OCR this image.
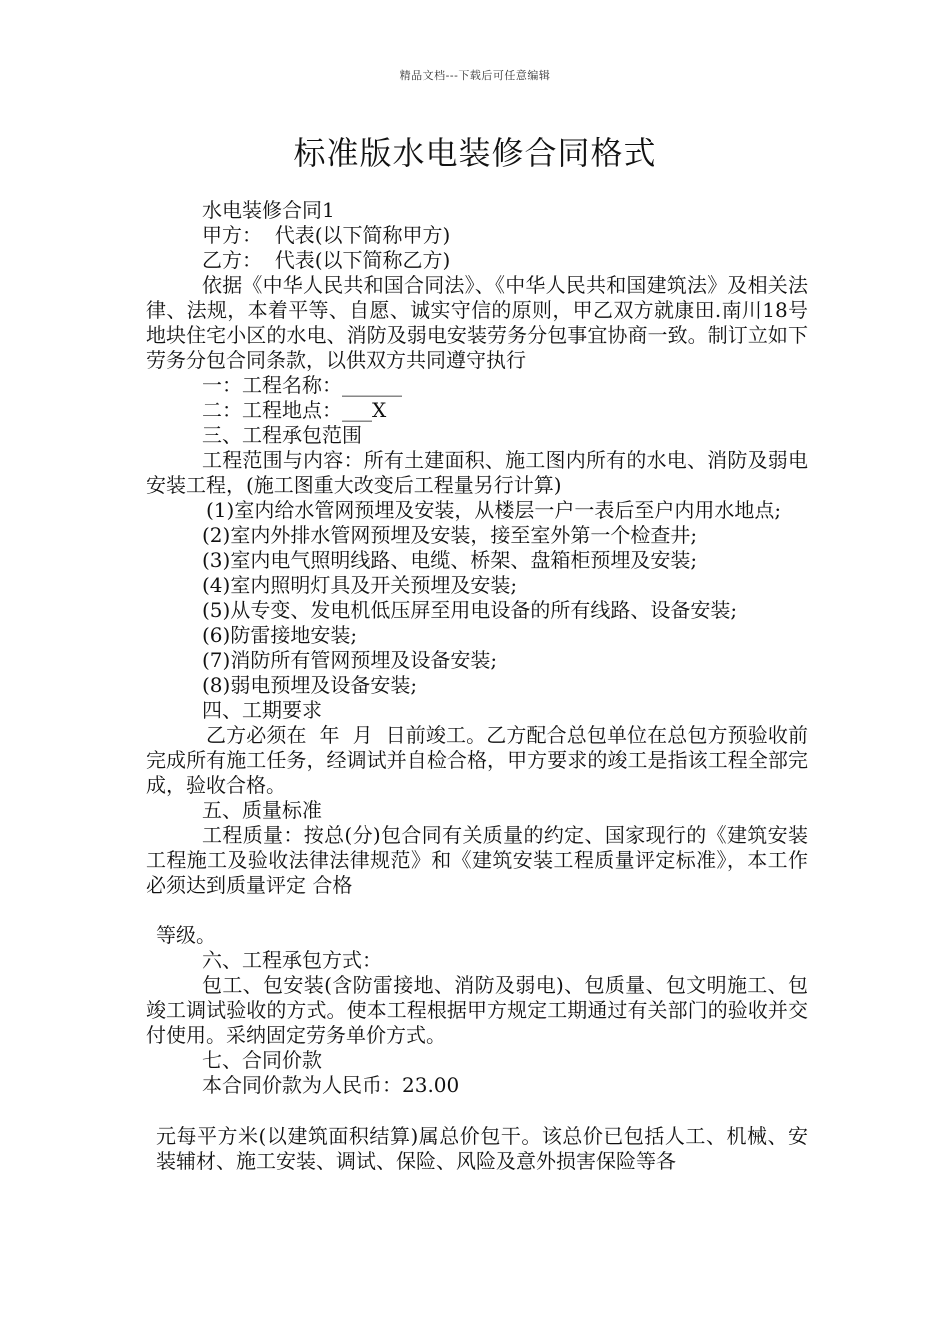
精品文档---下载后可任意编辑
标准版水电装修合同格式

水电装修合同1

甲方：  代表(以下简称甲方)

乙方：  代表(以下简称乙方)

依据《中华人民共和国合同法》、《中华人民共和国建筑法》及相关法律、法规，本着平等、自愿、诚实守信的原则，甲乙双方就康田.南川18号地块住宅小区的水电、消防及弱电安装劳务分包事宜协商一致。制订立如下劳务分包合同条款，以供双方共同遵守执行

一：工程名称：______

二：工程地点：___X

三、工程承包范围

工程范围与内容：所有土建面积、施工图内所有的水电、消防及弱电安装工程，(施工图重大改变后工程量另行计算)

(1)室内给水管网预埋及安装，从楼层一户一表后至户内用水地点;

(2)室内外排水管网预埋及安装，接至室外第一个检查井;

(3)室内电气照明线路、电缆、桥架、盘箱柜预埋及安装;

(4)室内照明灯具及开关预埋及安装;

(5)从专变、发电机低压屏至用电设备的所有线路、设备安装;

(6)防雷接地安装;

(7)消防所有管网预埋及设备安装;

(8)弱电预埋及设备安装;

四、工期要求

乙方必须在  年  月  日前竣工。乙方配合总包单位在总包方预验收前完成所有施工任务，经调试并自检合格，甲方要求的竣工是指该工程全部完成，验收合格。

五、质量标准

工程质量：按总(分)包合同有关质量的约定、国家现行的《建筑安装工程施工及验收法律法律规范》和《建筑安装工程质量评定标准》，本工作必须达到质量评定 合格

等级。

六、工程承包方式：

包工、包安装(含防雷接地、消防及弱电)、包质量、包文明施工、包竣工调试验收的方式。使本工程根据甲方规定工期通过有关部门的验收并交付使用。采纳固定劳务单价方式。

七、合同价款

本合同价款为人民币：23.00

元每平方米(以建筑面积结算)属总价包干。该总价已包括人工、机械、安装辅材、施工安装、调试、保险、风险及意外损害保险等各
